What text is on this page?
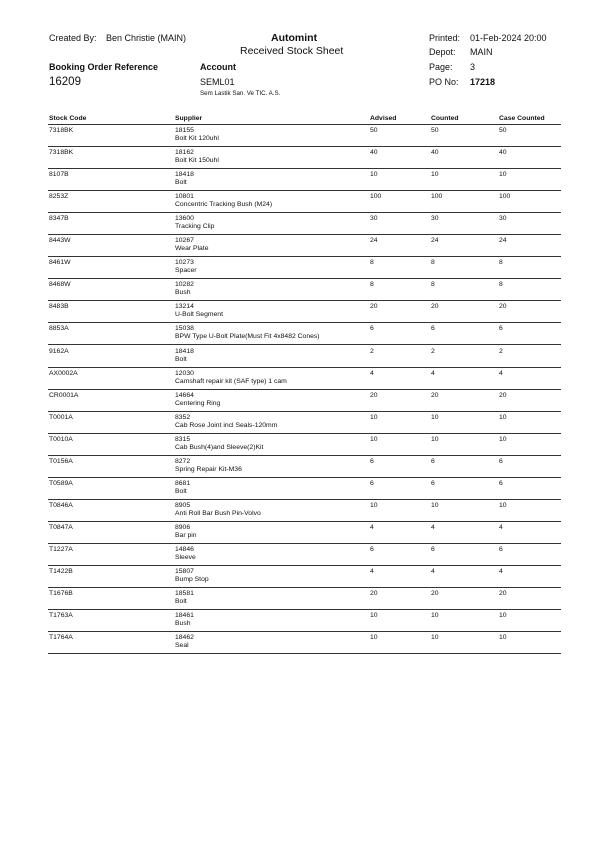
Created By: Ben Christie (MAIN)	Automint
Received Stock Sheet
Printed: 01-Feb-2024 20:00
Depot: MAIN
Page: 3
PO No: 17218
Booking Order Reference
16209
Account
SEML01
Sem Lastik San. Ve TIC. A.S.
Stock Code	Supplier	Advised	Counted	Case Counted
7318BK	18155	50	50	50
Bolt Kit 120uhl
7318BK	18162	40	40	40
Bolt Kit 150uhl
8107B	18418	10	10	10
Bolt
8253Z	10801	100	100	100
Concentric Tracking Bush (M24)
8347B	13600	30	30	30
Tracking Clip
8443W	10267	24	24	24
Wear Plate
8461W	10273	8	8	8
Spacer
8468W	10282	8	8	8
Bush
8483B	13214	20	20	20
U-Bolt Segment
8853A	15038	6	6	6
BPW Type U-Bolt Plate(Must Fit 4x8482 Cones)
9162A	18418	2	2	2
Bolt
AX0002A	12030	4	4	4
Camshaft repair kit (SAF type) 1 cam
CR0001A	14664	20	20	20
Centering Ring
T0001A	8352	10	10	10
Cab Rose Joint incl Seals-120mm
T0010A	8315	10	10	10
Cab Bush(4)and Sleeve(2)Kit
T0156A	8272	6	6	6
Spring Repair Kit-M36
T0589A	8681	6	6	6
Bolt
T0846A	8905	10	10	10
Anti Roll Bar Bush Pin-Volvo
T0847A	8906	4	4	4
Bar pin
T1227A	14846	6	6	6
Sleeve
T1422B	15807	4	4	4
Bump Stop
T1676B	18581	20	20	20
Bolt
T1763A	18461	10	10	10
Bush
T1764A	18462	10	10	10
Seal
